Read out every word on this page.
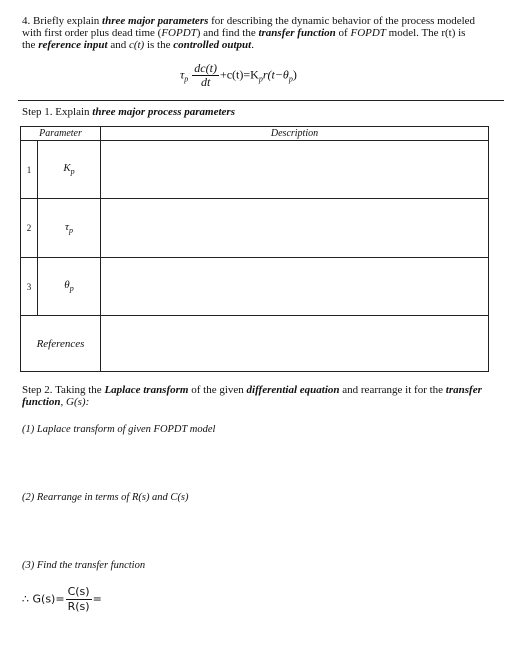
4. Briefly explain three major parameters for describing the dynamic behavior of the process modeled
with first order plus dead time (FOPDT) and find the transfer function of FOPDT model. The r(t) is
the reference input and c(t) is the controlled output.
$\tau_p \frac{dc(t)}{dt} +c(t)=K_pr(t-\theta_p)$
Step 1. Explain three major process parameters
Parameter		Description
1	$K_p$	
2	$\tau_p$	
3	$\theta_p$	
References		
Step 2. Taking the Laplace transform of the given differential equation and rearrange it for the transfer
function, G(s):
(1) Laplace transform of given FOPDT model
(2) Rearrange in terms of R(s) and C(s)
(3) Find the transfer function
∴ $G(s)= \frac{C(s)}{R(s)}$ =
